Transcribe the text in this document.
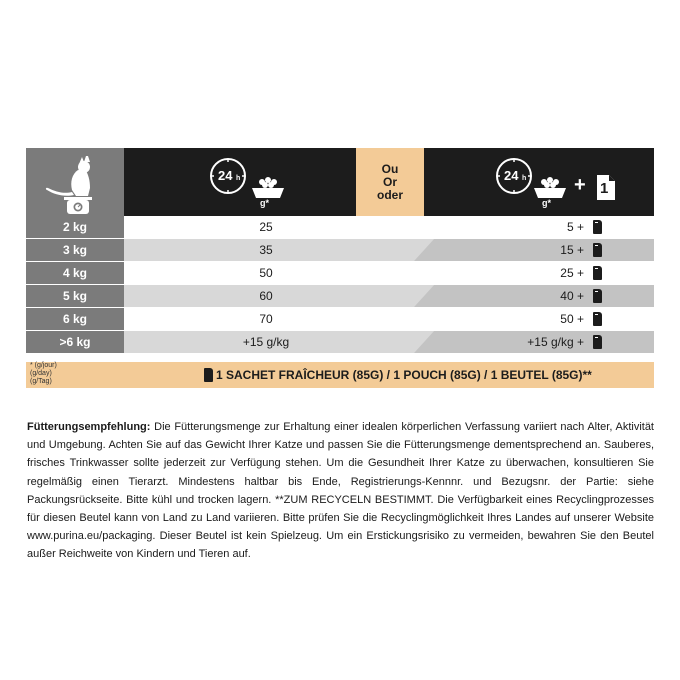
24 h
g*
Ou
Or
oder
24 h
g*
+ 1
2 kg	25	5 +
3 kg	35	15 +
4 kg	50	25 +
5 kg	60	40 +
6 kg	70	50 +
>6 kg	+15 g/kg	+15 g/kg +
* (g/jour)
(g/day)
(g/Tag)	1 SACHET FRAÎCHEUR (85G) / 1 POUCH (85G) / 1 BEUTEL (85G)**
Fütterungsempfehlung: Die Fütterungsmenge zur Erhaltung einer idealen körperlichen Verfassung variiert nach Alter, Aktivität und Umgebung. Achten Sie auf das Gewicht Ihrer Katze und passen Sie die Fütterungsmenge dementsprechend an. Sauberes, frisches Trinkwasser sollte jederzeit zur Verfügung stehen. Um die Gesundheit Ihrer Katze zu überwachen, konsultieren Sie regelmäßig einen Tierarzt. Mindestens haltbar bis Ende, Registrierungs-Kennnr. und Bezugsnr. der Partie: siehe Packungsrückseite. Bitte kühl und trocken lagern. **ZUM RECYCELN BESTIMMT. Die Verfügbarkeit eines Recyclingprozesses für diesen Beutel kann von Land zu Land variieren. Bitte prüfen Sie die Recyclingmöglichkeit Ihres Landes auf unserer Website www.purina.eu/packaging. Dieser Beutel ist kein Spielzeug. Um ein Erstickungsrisiko zu vermeiden, bewahren Sie den Beutel außer Reichweite von Kindern und Tieren auf.
